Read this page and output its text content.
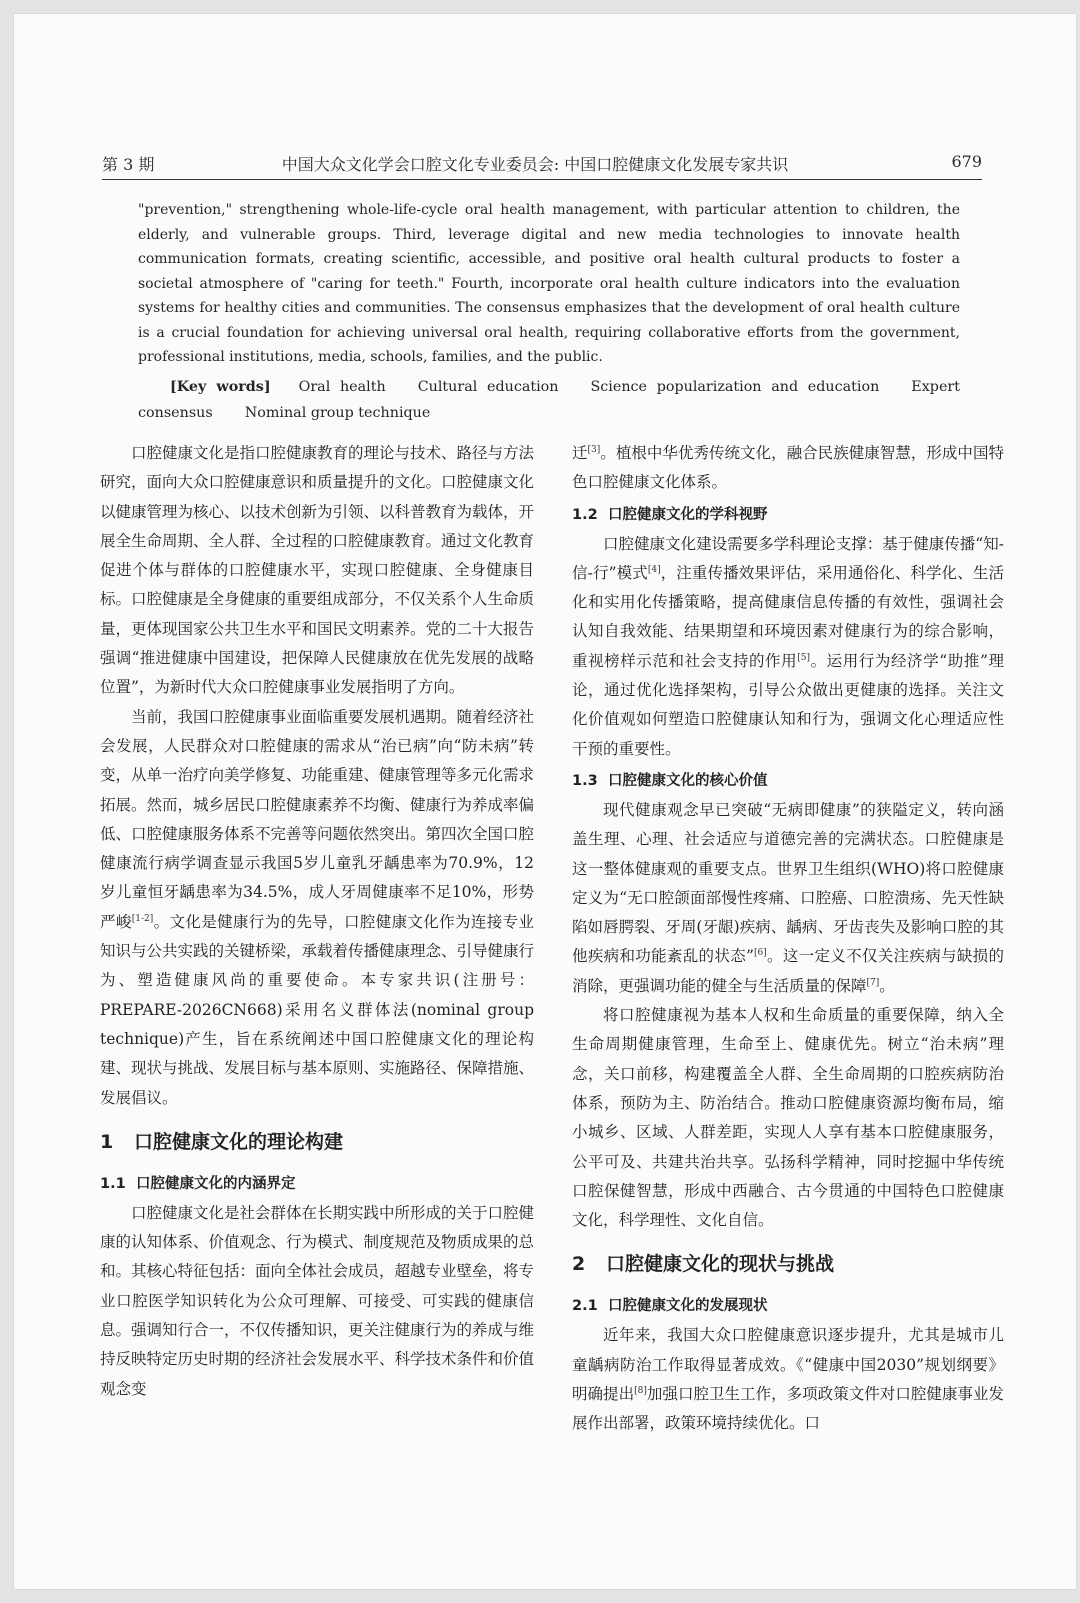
第 3 期	中国大众文化学会口腔文化专业委员会: 中国口腔健康文化发展专家共识	679
"prevention," strengthening whole-life-cycle oral health management, with particular attention to children, the elderly, and vulnerable groups. Third, leverage digital and new media technologies to innovate health communication formats, creating scientific, accessible, and positive oral health cultural products to foster a societal atmosphere of "caring for teeth." Fourth, incorporate oral health culture indicators into the evaluation systems for healthy cities and communities. The consensus emphasizes that the development of oral health culture is a crucial foundation for achieving universal oral health, requiring collaborative efforts from the government, professional institutions, media, schools, families, and the public.
[Key words] Oral health Cultural education Science popularization and education Expert consensus Nominal group technique

口腔健康文化是指口腔健康教育的理论与技术、路径与方法研究，面向大众口腔健康意识和质量提升的文化。口腔健康文化以健康管理为核心、以技术创新为引领、以科普教育为载体，开展全生命周期、全人群、全过程的口腔健康教育。通过文化教育促进个体与群体的口腔健康水平，实现口腔健康、全身健康目标。口腔健康是全身健康的重要组成部分，不仅关系个人生命质量，更体现国家公共卫生水平和国民文明素养。党的二十大报告强调“推进健康中国建设，把保障人民健康放在优先发展的战略位置”，为新时代大众口腔健康事业发展指明了方向。

当前，我国口腔健康事业面临重要发展机遇期。随着经济社会发展，人民群众对口腔健康的需求从“治已病”向“防未病”转变，从单一治疗向美学修复、功能重建、健康管理等多元化需求拓展。然而，城乡居民口腔健康素养不均衡、健康行为养成率偏低、口腔健康服务体系不完善等问题依然突出。第四次全国口腔健康流行病学调查显示我国5岁儿童乳牙龋患率为70.9%，12岁儿童恒牙龋患率为34.5%，成人牙周健康率不足10%，形势严峻[1-2]。文化是健康行为的先导，口腔健康文化作为连接专业知识与公共实践的关键桥梁，承载着传播健康理念、引导健康行为、塑造健康风尚的重要使命。本专家共识(注册号：PREPARE-2026CN668)采用名义群体法(nominal group technique)产生，旨在系统阐述中国口腔健康文化的理论构建、现状与挑战、发展目标与基本原则、实施路径、保障措施、发展倡议。

1 口腔健康文化的理论构建
1.1 口腔健康文化的内涵界定

口腔健康文化是社会群体在长期实践中所形成的关于口腔健康的认知体系、价值观念、行为模式、制度规范及物质成果的总和。其核心特征包括：面向全体社会成员，超越专业壁垒，将专业口腔医学知识转化为公众可理解、可接受、可实践的健康信息。强调知行合一，不仅传播知识，更关注健康行为的养成与维持反映特定历史时期的经济社会发展水平、科学技术条件和价值观念变

迁[3]。植根中华优秀传统文化，融合民族健康智慧，形成中国特色口腔健康文化体系。

1.2 口腔健康文化的学科视野

口腔健康文化建设需要多学科理论支撑：基于健康传播“知-信-行”模式[4]，注重传播效果评估，采用通俗化、科学化、生活化和实用化传播策略，提高健康信息传播的有效性，强调社会认知自我效能、结果期望和环境因素对健康行为的综合影响，重视榜样示范和社会支持的作用[5]。运用行为经济学“助推”理论，通过优化选择架构，引导公众做出更健康的选择。关注文化价值观如何塑造口腔健康认知和行为，强调文化心理适应性干预的重要性。

1.3 口腔健康文化的核心价值

现代健康观念早已突破“无病即健康”的狭隘定义，转向涵盖生理、心理、社会适应与道德完善的完满状态。口腔健康是这一整体健康观的重要支点。世界卫生组织(WHO)将口腔健康定义为“无口腔颌面部慢性疼痛、口腔癌、口腔溃疡、先天性缺陷如唇腭裂、牙周(牙龈)疾病、龋病、牙齿丧失及影响口腔的其他疾病和功能紊乱的状态”[6]。这一定义不仅关注疾病与缺损的消除，更强调功能的健全与生活质量的保障[7]。

将口腔健康视为基本人权和生命质量的重要保障，纳入全生命周期健康管理，生命至上、健康优先。树立“治未病”理念，关口前移，构建覆盖全人群、全生命周期的口腔疾病防治体系，预防为主、防治结合。推动口腔健康资源均衡布局，缩小城乡、区域、人群差距，实现人人享有基本口腔健康服务，公平可及、共建共治共享。弘扬科学精神，同时挖掘中华传统口腔保健智慧，形成中西融合、古今贯通的中国特色口腔健康文化，科学理性、文化自信。

2 口腔健康文化的现状与挑战
2.1 口腔健康文化的发展现状

近年来，我国大众口腔健康意识逐步提升，尤其是城市儿童龋病防治工作取得显著成效。《“健康中国2030”规划纲要》明确提出[8]加强口腔卫生工作，多项政策文件对口腔健康事业发展作出部署，政策环境持续优化。口
